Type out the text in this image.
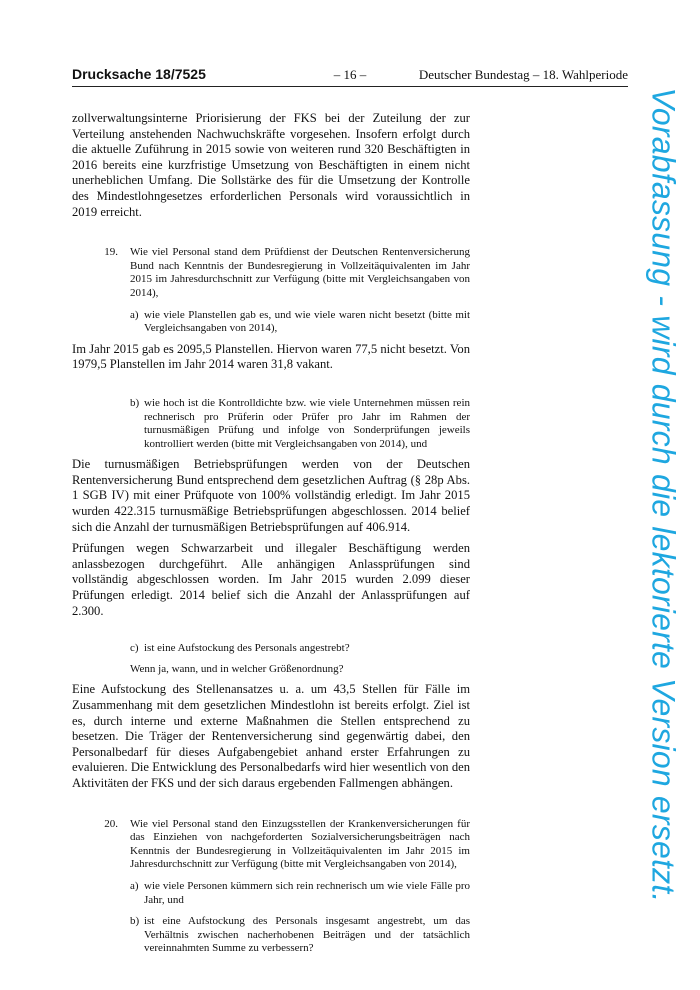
Drucksache 18/7525	– 16 –	Deutscher Bundestag – 18. Wahlperiode

zollverwaltungsinterne Priorisierung der FKS bei der Zuteilung der zur Verteilung anstehenden Nachwuchskräfte vorgesehen. Insofern erfolgt durch die aktuelle Zuführung in 2015 sowie von weiteren rund 320 Beschäftigten in 2016 bereits eine kurzfristige Umsetzung von Beschäftigten in einem nicht unerheblichen Umfang. Die Sollstärke des für die Umsetzung der Kontrolle des Mindestlohngesetzes erforderlichen Personals wird voraussichtlich in 2019 erreicht.

19.	Wie viel Personal stand dem Prüfdienst der Deutschen Rentenversicherung Bund nach Kenntnis der Bundesregierung in Vollzeitäquivalenten im Jahr 2015 im Jahresdurchschnitt zur Verfügung (bitte mit Vergleichsangaben von 2014),
a) wie viele Planstellen gab es, und wie viele waren nicht besetzt (bitte mit Vergleichsangaben von 2014),

Im Jahr 2015 gab es 2095,5 Planstellen. Hiervon waren 77,5 nicht besetzt. Von 1979,5 Planstellen im Jahr 2014 waren 31,8 vakant.

b) wie hoch ist die Kontrolldichte bzw. wie viele Unternehmen müssen rein rechnerisch pro Prüferin oder Prüfer pro Jahr im Rahmen der turnusmäßigen Prüfung und infolge von Sonderprüfungen jeweils kontrolliert werden (bitte mit Vergleichsangaben von 2014), und

Die turnusmäßigen Betriebsprüfungen werden von der Deutschen Rentenversicherung Bund entsprechend dem gesetzlichen Auftrag (§ 28p Abs. 1 SGB IV) mit einer Prüfquote von 100% vollständig erledigt. Im Jahr 2015 wurden 422.315 turnusmäßige Betriebsprüfungen abgeschlossen. 2014 belief sich die Anzahl der turnusmäßigen Betriebsprüfungen auf 406.914.

Prüfungen wegen Schwarzarbeit und illegaler Beschäftigung werden anlassbezogen durchgeführt. Alle anhängigen Anlassprüfungen sind vollständig abgeschlossen worden. Im Jahr 2015 wurden 2.099 dieser Prüfungen erledigt. 2014 belief sich die Anzahl der Anlassprüfungen auf 2.300.

c) ist eine Aufstockung des Personals angestrebt?
Wenn ja, wann, und in welcher Größenordnung?

Eine Aufstockung des Stellenansatzes u. a. um 43,5 Stellen für Fälle im Zusammenhang mit dem gesetzlichen Mindestlohn ist bereits erfolgt. Ziel ist es, durch interne und externe Maßnahmen die Stellen entsprechend zu besetzen. Die Träger der Rentenversicherung sind gegenwärtig dabei, den Personalbedarf für dieses Aufgabengebiet anhand erster Erfahrungen zu evaluieren. Die Entwicklung des Personalbedarfs wird hier wesentlich von den Aktivitäten der FKS und der sich daraus ergebenden Fallmengen abhängen.

20.	Wie viel Personal stand den Einzugsstellen der Krankenversicherungen für das Einziehen von nachgeforderten Sozialversicherungsbeiträgen nach Kenntnis der Bundesregierung in Vollzeitäquivalenten im Jahr 2015 im Jahresdurchschnitt zur Verfügung (bitte mit Vergleichsangaben von 2014),
a) wie viele Personen kümmern sich rein rechnerisch um wie viele Fälle pro Jahr, und
b) ist eine Aufstockung des Personals insgesamt angestrebt, um das Verhältnis zwischen nacherhobenen Beiträgen und der tatsächlich vereinnahmten Summe zu verbessern?
Vorabfassung - wird durch die lektorierte Version ersetzt.
